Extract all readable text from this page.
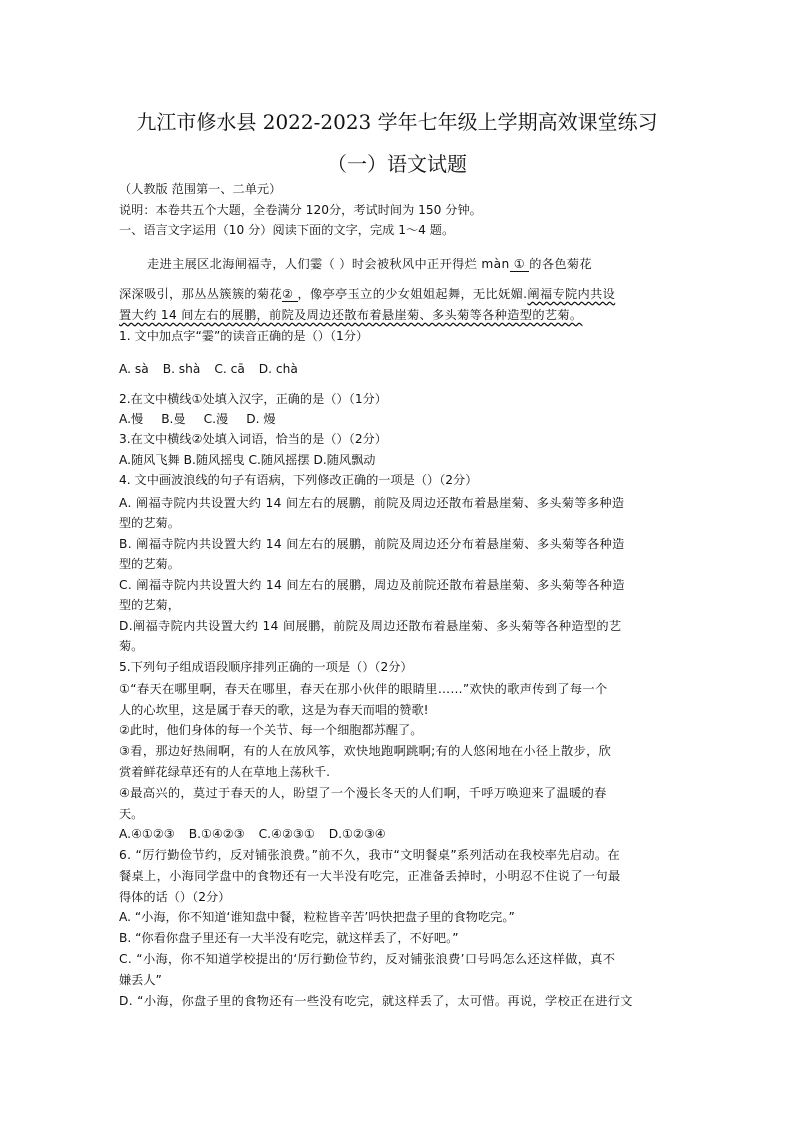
九江市修水县 2022-2023 学年七年级上学期高效课堂练习
（一）语文试题
（人教版 范围第一、二单元）
说明：本卷共五个大题，全卷满分 120分，考试时间为 150 分钟。
一、语言文字运用（10 分）阅读下面的文字，完成 1～4 题。
走进主展区北海闸福寺，人们霎（ ）时会被秋风中正开得烂 màn ① 的各色菊花
深深吸引，那丛丛簇簇的菊花② ，像亭亭玉立的少女姐姐起舞，无比妩媚.阐福专院内共设
置大约 14 间左右的展鹏，前院及周边还散布着悬崖菊、多头菊等各种造型的艺菊。
1. 文中加点字“霎”的读音正确的是（）（1分）
A. sà B. shà C. cā D. chà
2.在文中横线①处填入汉字，正确的是（）（1分）
A.慢 B.曼 C.漫 D. 熳
3.在文中横线②处填入词语，恰当的是（）（2分）
A.随风飞舞 B.随风摇曳 C.随风摇摆 D.随风飘动
4. 文中画波浪线的句子有语病，下列修改正确的一项是（）（2分）
A. 阐福寺院内共设置大约 14 间左右的展鹏，前院及周边还散布着悬崖菊、多头菊等多种造
型的艺菊。
B. 阐福寺院内共设置大约 14 间左右的展鹏，前院及周边还分布着悬崖菊、多头菊等各种造
型的艺菊。
C. 阐福寺院内共设置大约 14 间左右的展鹏，周边及前院还散布着悬崖菊、多头菊等各种造
型的艺菊，
D.阐福寺院内共设置大约 14 间展鹏，前院及周边还散布着悬崖菊、多头菊等各种造型的艺
菊。
5.下列句子组成语段顺序排列正确的一项是（）（2分）
①“春天在哪里啊，春天在哪里，春天在那小伙伴的眼睛里……”欢快的歌声传到了每一个
人的心坎里，这是属于春天的歌，这是为春天而唱的赞歌!
②此时，他们身体的每一个关节、每一个细胞都苏醒了。
③看，那边好热闹啊，有的人在放风筝，欢快地跑啊跳啊;有的人悠闲地在小径上散步，欣
赏着鲜花绿草还有的人在草地上荡秋千.
④最高兴的，莫过于春天的人，盼望了一个漫长冬天的人们啊，千呼万唤迎来了温暖的春
天。
A.④①②③ B.①④②③ C.④②③① D.①②③④
6. “厉行勤俭节约，反对铺张浪费。”前不久，我市“文明餐桌”系列活动在我校率先启动。在
餐桌上，小海同学盘中的食物还有一大半没有吃完，正准备丢掉时，小明忍不住说了一句最
得体的话（）（2分）
A. “小海，你不知道‘谁知盘中餐，粒粒皆辛苦’吗快把盘子里的食物吃完。”
B. “你看你盘子里还有一大半没有吃完，就这样丢了，不好吧。”
C. “小海，你不知道学校提出的‘厉行勤俭节约，反对铺张浪费’口号吗怎么还这样做，真不
嫌丢人”
D. “小海，你盘子里的食物还有一些没有吃完，就这样丢了，太可惜。再说，学校正在进行文
